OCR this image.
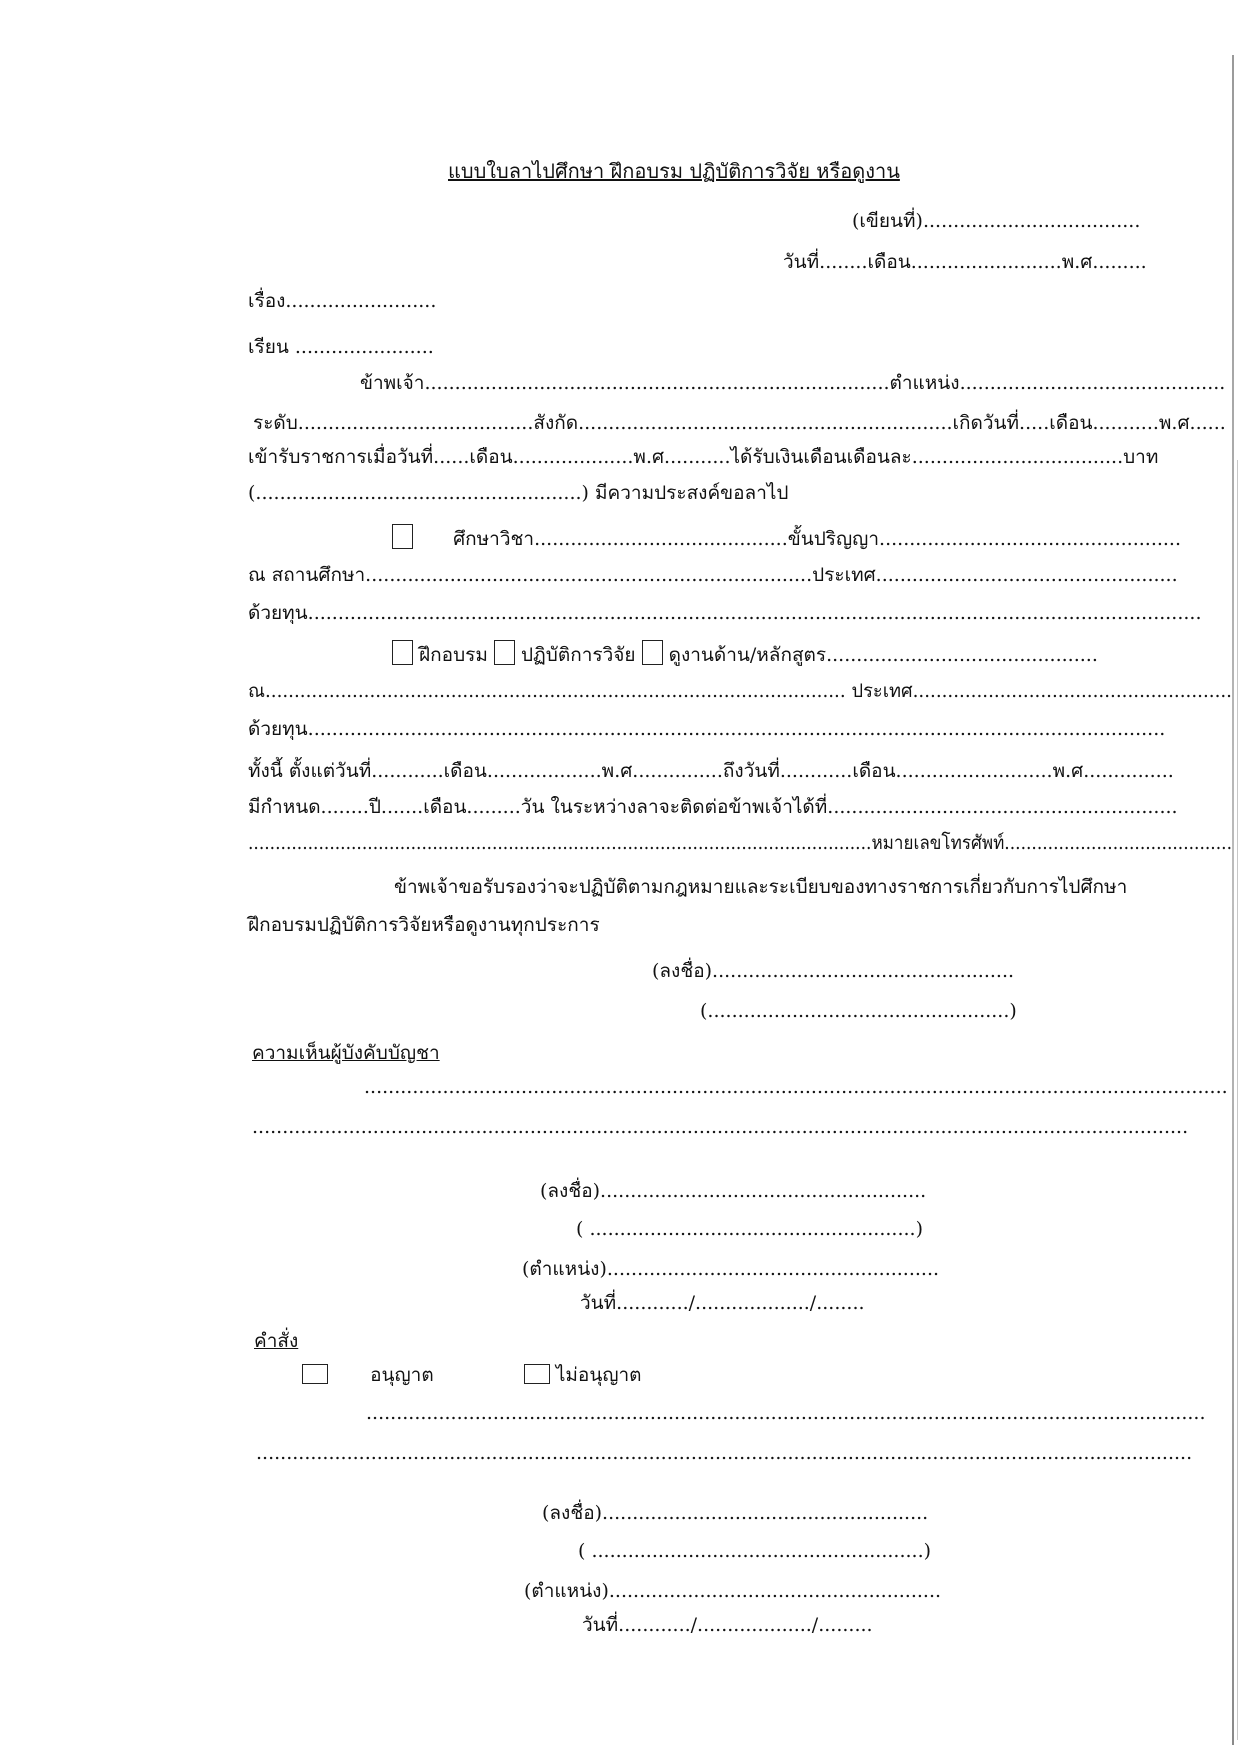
แบบใบลาไปศึกษา ฝึกอบรม ปฏิบัติการวิจัย หรือดูงาน
(เขียนที่)....................................
วันที่........เดือน.........................พ.ศ.........
เรื่อง.........................
เรียน .......................
ข้าพเจ้า.............................................................................ตำแหน่ง............................................
ระดับ.......................................สังกัด..............................................................เกิดวันที่.....เดือน...........พ.ศ......
เข้ารับราชการเมื่อวันที่......เดือน....................พ.ศ...........ได้รับเงินเดือนเดือนละ...................................บาท
(......................................................) มีความประสงค์ขอลาไป
ศึกษาวิชา..........................................ขั้นปริญญา..................................................
ณ สถานศึกษา..........................................................................ประเทศ..................................................
ด้วยทุน....................................................................................................................................................
ฝึกอบรม ปฏิบัติการวิจัย ดูงานด้าน/หลักสูตร.............................................
ณ.................................................................................................... ประเทศ.......................................................
ด้วยทุน..............................................................................................................................................
ทั้งนี้ ตั้งแต่วันที่............เดือน...................พ.ศ...............ถึงวันที่............เดือน..........................พ.ศ...............
มีกำหนด........ปี.......เดือน.........วัน ในระหว่างลาจะติดต่อข้าพเจ้าได้ที่..........................................................
...................................................................................................................หมายเลขโทรศัพท์..........................................
ข้าพเจ้าขอรับรองว่าจะปฏิบัติตามกฎหมายและระเบียบของทางราชการเกี่ยวกับการไปศึกษา
ฝึกอบรมปฏิบัติการวิจัยหรือดูงานทุกประการ
(ลงชื่อ)..................................................
(..................................................)
ความเห็นผู้บังคับบัญชา
...............................................................................................................................................
...........................................................................................................................................................
(ลงชื่อ)......................................................
( ......................................................)
(ตำแหน่ง).......................................................
วันที่............/.................../........
คำสั่ง
อนุญาต	ไม่อนุญาต
...........................................................................................................................................
...........................................................................................................................................................
(ลงชื่อ)......................................................
( .......................................................)
(ตำแหน่ง).......................................................
วันที่............/.................../.........
